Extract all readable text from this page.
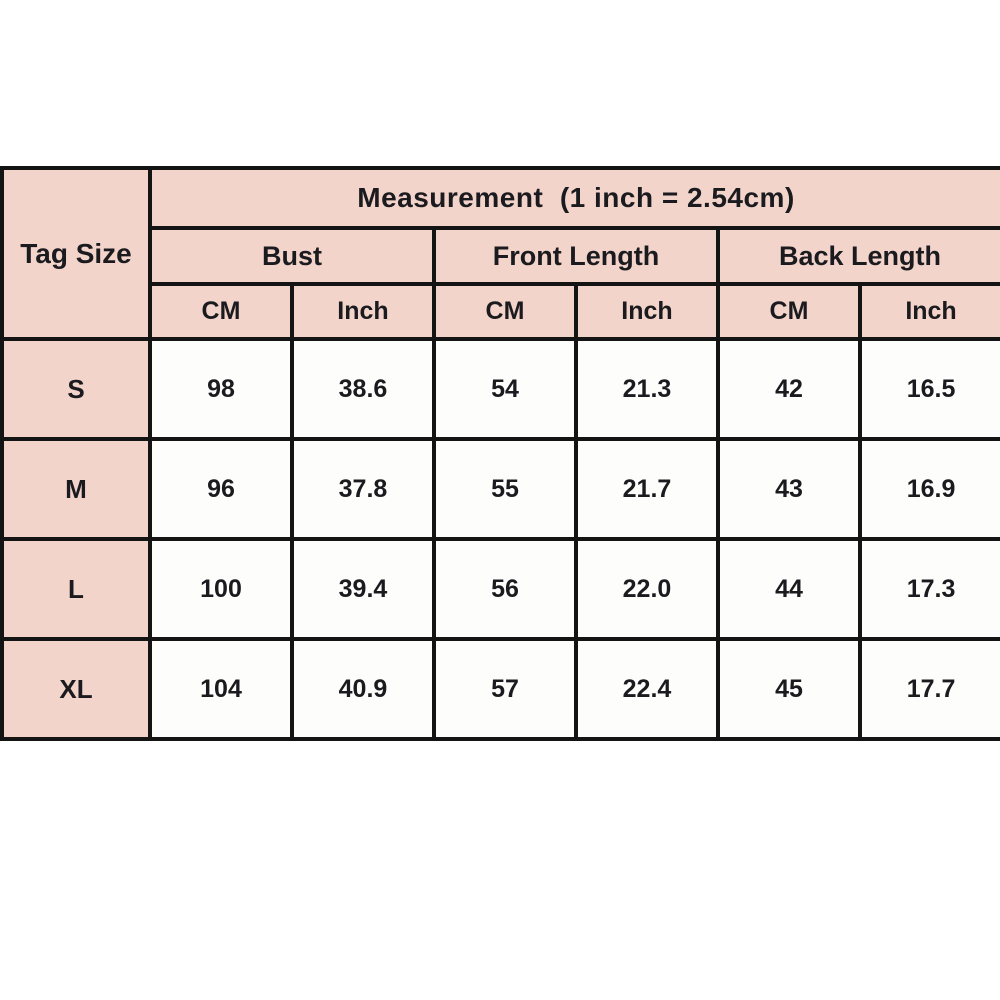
Tag Size	Measurement  (1 inch = 2.54cm)					
	Bust		Front Length		Back Length	
	CM	Inch	CM	Inch	CM	Inch
S	98	38.6	54	21.3	42	16.5
M	96	37.8	55	21.7	43	16.9
L	100	39.4	56	22.0	44	17.3
XL	104	40.9	57	22.4	45	17.7
